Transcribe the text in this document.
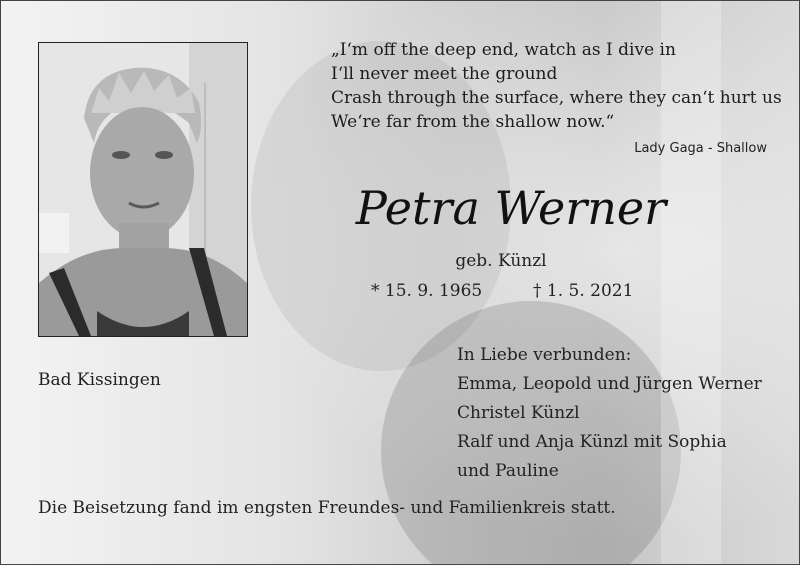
„I‘m off the deep end, watch as I dive in
I‘ll never meet the ground
Crash through the surface, where they can‘t hurt us
We‘re far from the shallow now.“
Lady Gaga - Shallow
Petra Werner
geb. Künzl
* 15. 9. 1965	† 1. 5. 2021
Bad Kissingen
In Liebe verbunden:
Emma, Leopold und Jürgen Werner
Christel Künzl
Ralf und Anja Künzl mit Sophia
und Pauline
Die Beisetzung fand im engsten Freundes- und Familienkreis statt.
